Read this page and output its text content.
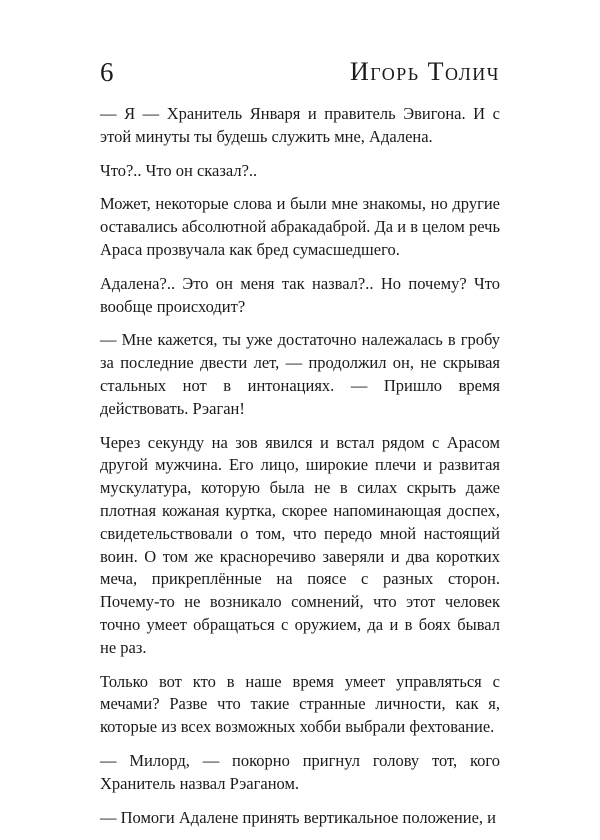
6	Игорь Толич

— Я — Хранитель Января и правитель Эвигона. И с этой минуты ты будешь служить мне, Адалена.

Что?.. Что он сказал?..

Может, некоторые слова и были мне знакомы, но другие оставались абсолютной абракадаброй. Да и в целом речь Араса прозвучала как бред сумасшедшего.

Адалена?.. Это он меня так назвал?.. Но почему? Что вообще происходит?

— Мне кажется, ты уже достаточно належалась в гробу за последние двести лет, — продолжил он, не скрывая стальных нот в интонациях. — Пришло время действовать. Рэаган!

Через секунду на зов явился и встал рядом с Арасом другой мужчина. Его лицо, широкие плечи и развитая мускулатура, которую была не в силах скрыть даже плотная кожаная куртка, скорее напоминающая доспех, свидетельствовали о том, что передо мной настоящий воин. О том же красноречиво заверяли и два коротких меча, прикреплённые на поясе с разных сторон. Почему-то не возникало сомнений, что этот человек точно умеет обращаться с оружием, да и в боях бывал не раз.

Только вот кто в наше время умеет управляться с мечами? Разве что такие странные личности, как я, которые из всех возможных хобби выбрали фехтование.

— Милорд, — покорно пригнул голову тот, кого Хранитель назвал Рэаганом.

— Помоги Адалене принять вертикальное положение, и
